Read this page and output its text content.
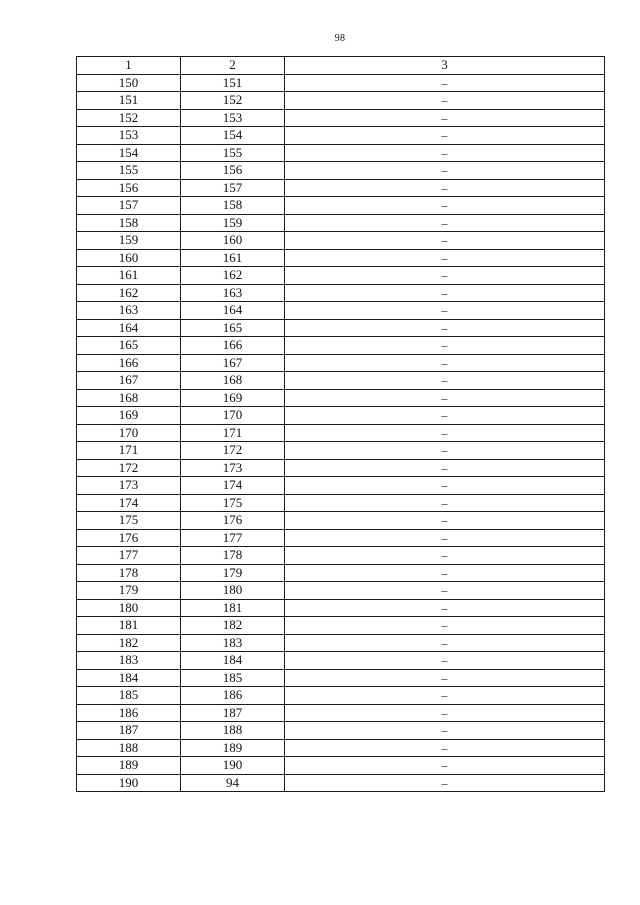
98
1	2	3
150	151	–
151	152	–
152	153	–
153	154	–
154	155	–
155	156	–
156	157	–
157	158	–
158	159	–
159	160	–
160	161	–
161	162	–
162	163	–
163	164	–
164	165	–
165	166	–
166	167	–
167	168	–
168	169	–
169	170	–
170	171	–
171	172	–
172	173	–
173	174	–
174	175	–
175	176	–
176	177	–
177	178	–
178	179	–
179	180	–
180	181	–
181	182	–
182	183	–
183	184	–
184	185	–
185	186	–
186	187	–
187	188	–
188	189	–
189	190	–
190	94	–
